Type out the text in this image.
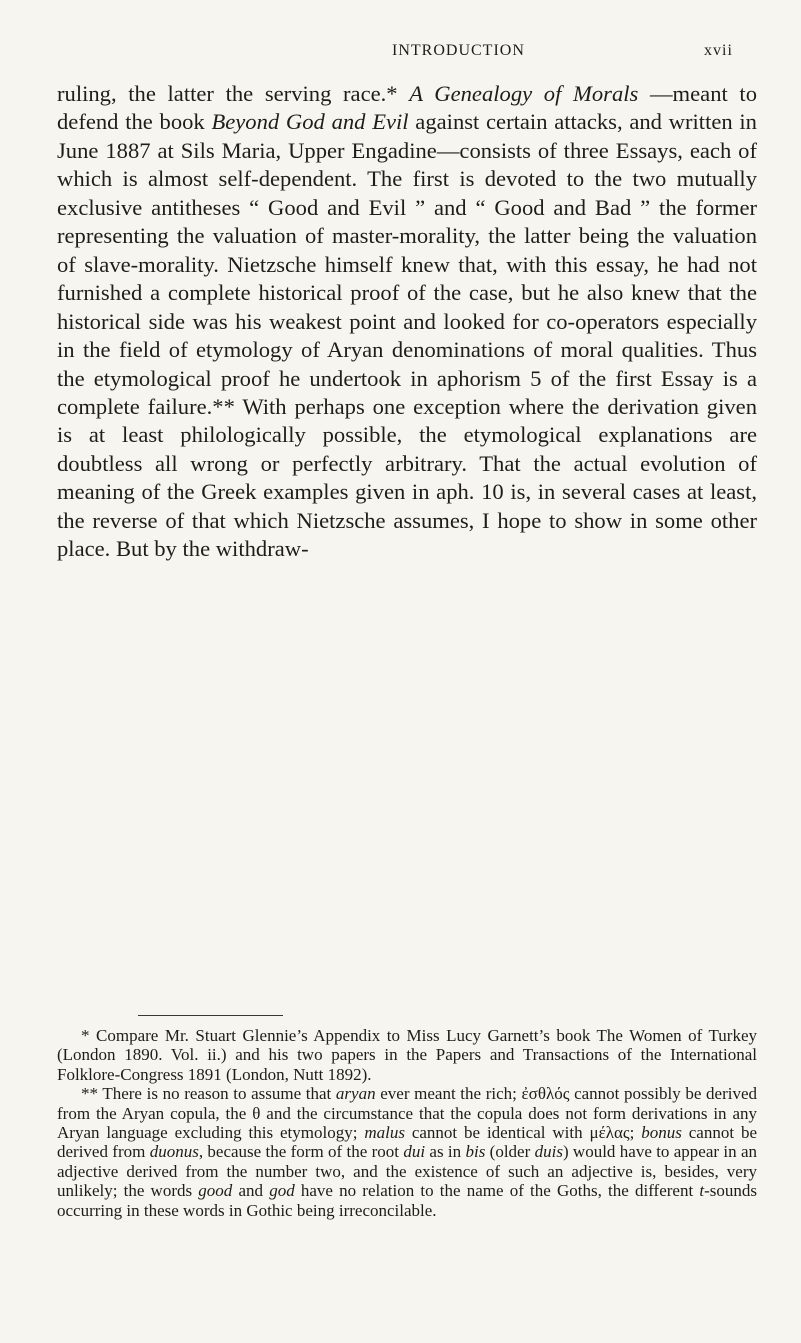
INTRODUCTION	xvii

ruling, the latter the serving race.* A Genealogy of Morals —meant to defend the book Beyond God and Evil against certain attacks, and written in June 1887 at Sils Maria, Upper Engadine—consists of three Essays, each of which is almost self-dependent. The first is devoted to the two mutually exclusive antitheses “ Good and Evil ” and “ Good and Bad ” the former representing the valuation of master-morality, the latter being the valuation of slave-morality. Nietzsche himself knew that, with this essay, he had not furnished a complete historical proof of the case, but he also knew that the historical side was his weakest point and looked for co-operators especially in the field of etymology of Aryan denominations of moral qualities. Thus the etymological proof he undertook in aphorism 5 of the first Essay is a complete failure.** With perhaps one exception where the derivation given is at least philologically possible, the etymological explanations are doubtless all wrong or perfectly arbitrary. That the actual evolution of meaning of the Greek examples given in aph. 10 is, in several cases at least, the reverse of that which Nietzsche assumes, I hope to show in some other place. But by the withdraw-

* Compare Mr. Stuart Glennie’s Appendix to Miss Lucy Garnett’s book The Women of Turkey (London 1890. Vol. ii.) and his two papers in the Papers and Transactions of the International Folklore-Congress 1891 (London, Nutt 1892).

** There is no reason to assume that aryan ever meant the rich; ἐσθλός cannot possibly be derived from the Aryan copula, the θ and the circumstance that the copula does not form derivations in any Aryan language excluding this etymology; malus cannot be identical with μέλας; bonus cannot be derived from duonus, because the form of the root dui as in bis (older duis) would have to appear in an adjective derived from the number two, and the existence of such an adjective is, besides, very unlikely; the words good and god have no relation to the name of the Goths, the different t-sounds occurring in these words in Gothic being irreconcilable.
